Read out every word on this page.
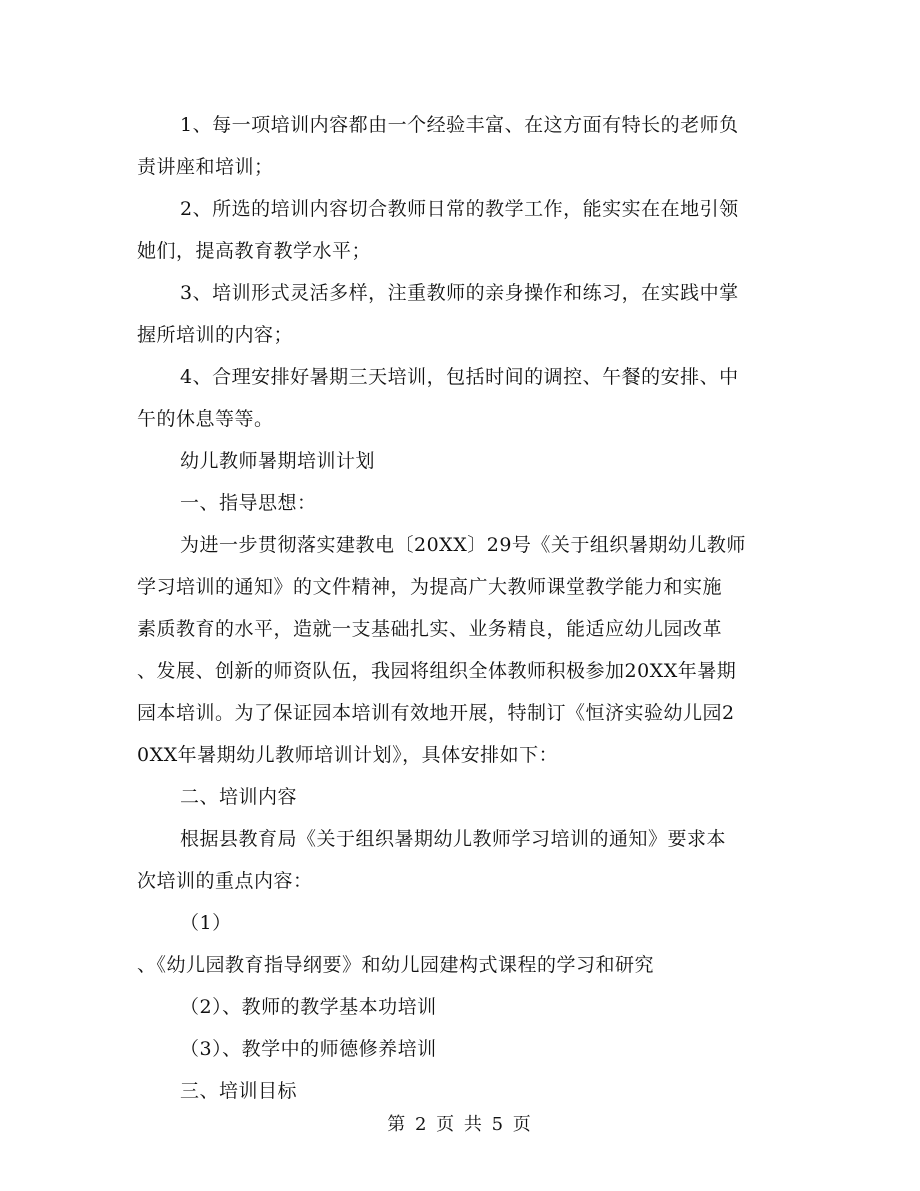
1、每一项培训内容都由一个经验丰富、在这方面有特长的老师负
责讲座和培训；
2、所选的培训内容切合教师日常的教学工作，能实实在在地引领
她们，提高教育教学水平；
3、培训形式灵活多样，注重教师的亲身操作和练习，在实践中掌
握所培训的内容；
4、合理安排好暑期三天培训，包括时间的调控、午餐的安排、中
午的休息等等。
幼儿教师暑期培训计划
一、指导思想：
为进一步贯彻落实建教电〔20XX〕29号《关于组织暑期幼儿教师
学习培训的通知》的文件精神，为提高广大教师课堂教学能力和实施
素质教育的水平，造就一支基础扎实、业务精良，能适应幼儿园改革
、发展、创新的师资队伍，我园将组织全体教师积极参加20XX年暑期
园本培训。为了保证园本培训有效地开展，特制订《恒济实验幼儿园2
0XX年暑期幼儿教师培训计划》，具体安排如下：
二、培训内容
根据县教育局《关于组织暑期幼儿教师学习培训的通知》要求本
次培训的重点内容：
（1）
、《幼儿园教育指导纲要》和幼儿园建构式课程的学习和研究
（2）、教师的教学基本功培训
（3）、教学中的师德修养培训
三、培训目标
第 2 页 共 5 页
